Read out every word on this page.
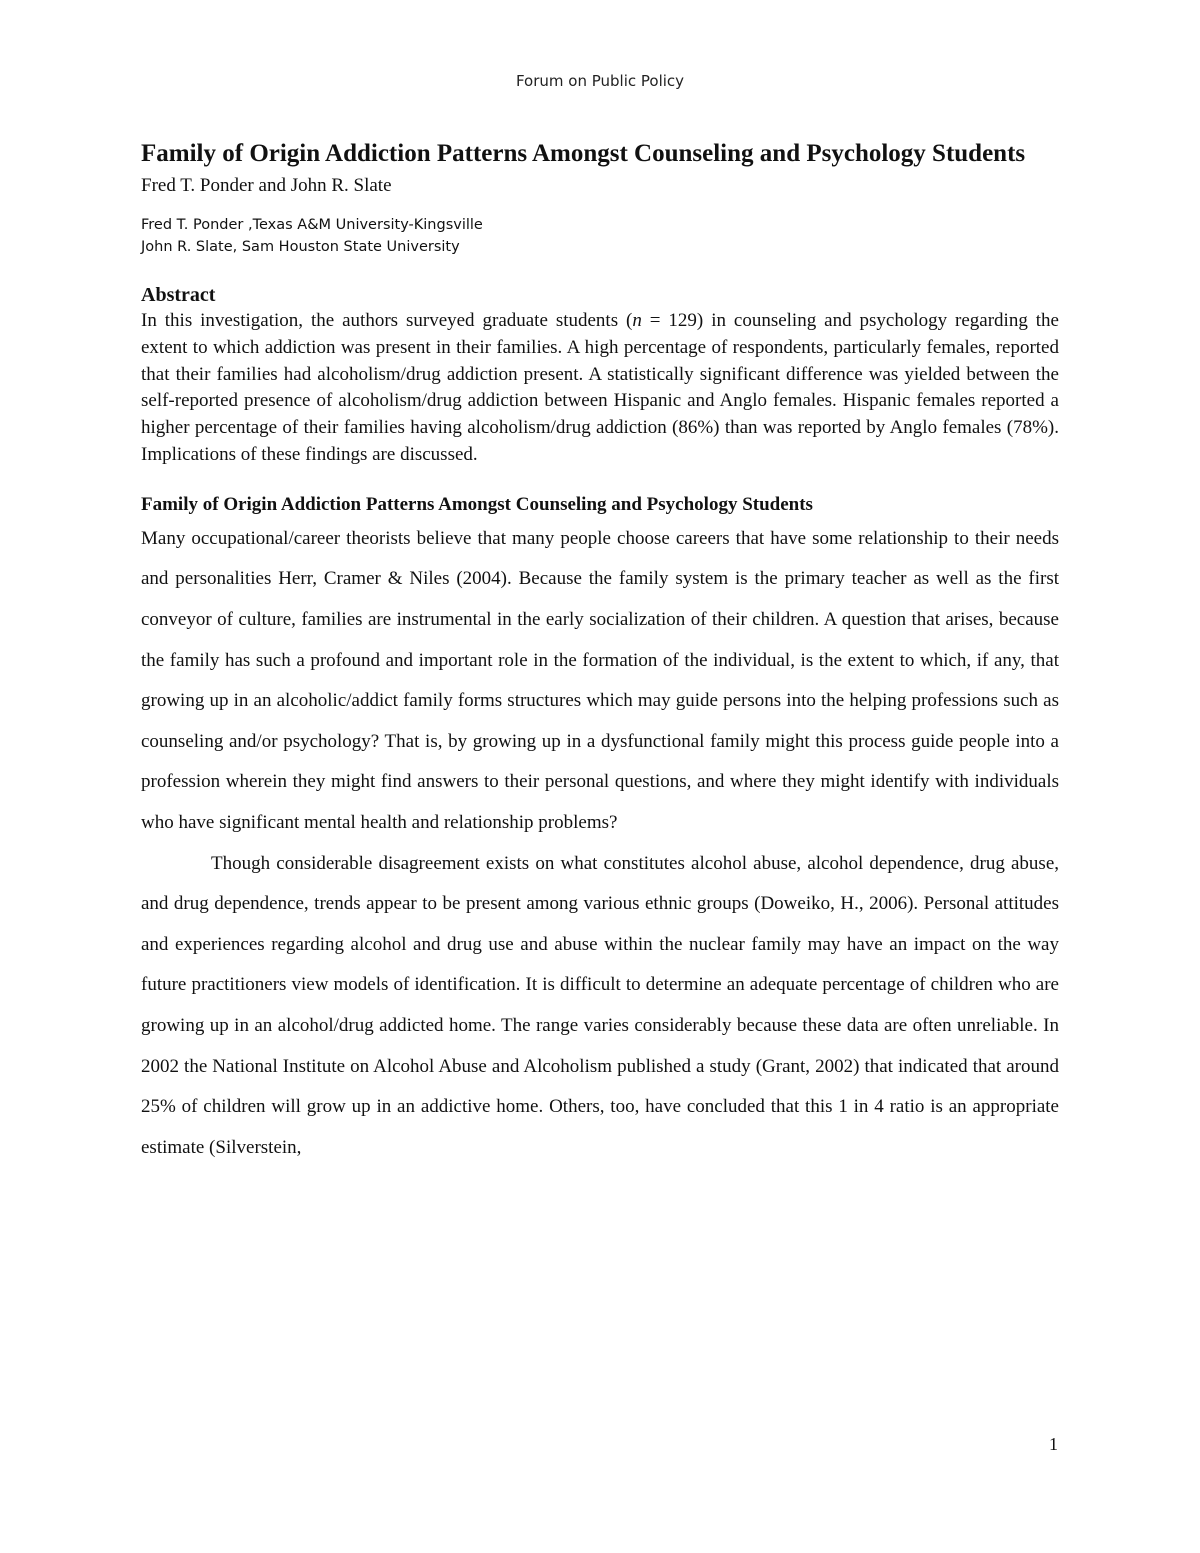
Forum on Public Policy
Family of Origin Addiction Patterns Amongst Counseling and Psychology Students

Fred T. Ponder and John R. Slate

Fred T. Ponder ,Texas A&M University-Kingsville
John R. Slate, Sam Houston State University
Abstract

In this investigation, the authors surveyed graduate students (n = 129) in counseling and psychology regarding the extent to which addiction was present in their families. A high percentage of respondents, particularly females, reported that their families had alcoholism/drug addiction present. A statistically significant difference was yielded between the self-reported presence of alcoholism/drug addiction between Hispanic and Anglo females. Hispanic females reported a higher percentage of their families having alcoholism/drug addiction (86%) than was reported by Anglo females (78%). Implications of these findings are discussed.

Family of Origin Addiction Patterns Amongst Counseling and Psychology Students

Many occupational/career theorists believe that many people choose careers that have some relationship to their needs and personalities Herr, Cramer & Niles (2004). Because the family system is the primary teacher as well as the first conveyor of culture, families are instrumental in the early socialization of their children. A question that arises, because the family has such a profound and important role in the formation of the individual, is the extent to which, if any, that growing up in an alcoholic/addict family forms structures which may guide persons into the helping professions such as counseling and/or psychology? That is, by growing up in a dysfunctional family might this process guide people into a profession wherein they might find answers to their personal questions, and where they might identify with individuals who have significant mental health and relationship problems?

Though considerable disagreement exists on what constitutes alcohol abuse, alcohol dependence, drug abuse, and drug dependence, trends appear to be present among various ethnic groups (Doweiko, H., 2006). Personal attitudes and experiences regarding alcohol and drug use and abuse within the nuclear family may have an impact on the way future practitioners view models of identification. It is difficult to determine an adequate percentage of children who are growing up in an alcohol/drug addicted home. The range varies considerably because these data are often unreliable. In 2002 the National Institute on Alcohol Abuse and Alcoholism published a study (Grant, 2002) that indicated that around 25% of children will grow up in an addictive home. Others, too, have concluded that this 1 in 4 ratio is an appropriate estimate (Silverstein,

1
